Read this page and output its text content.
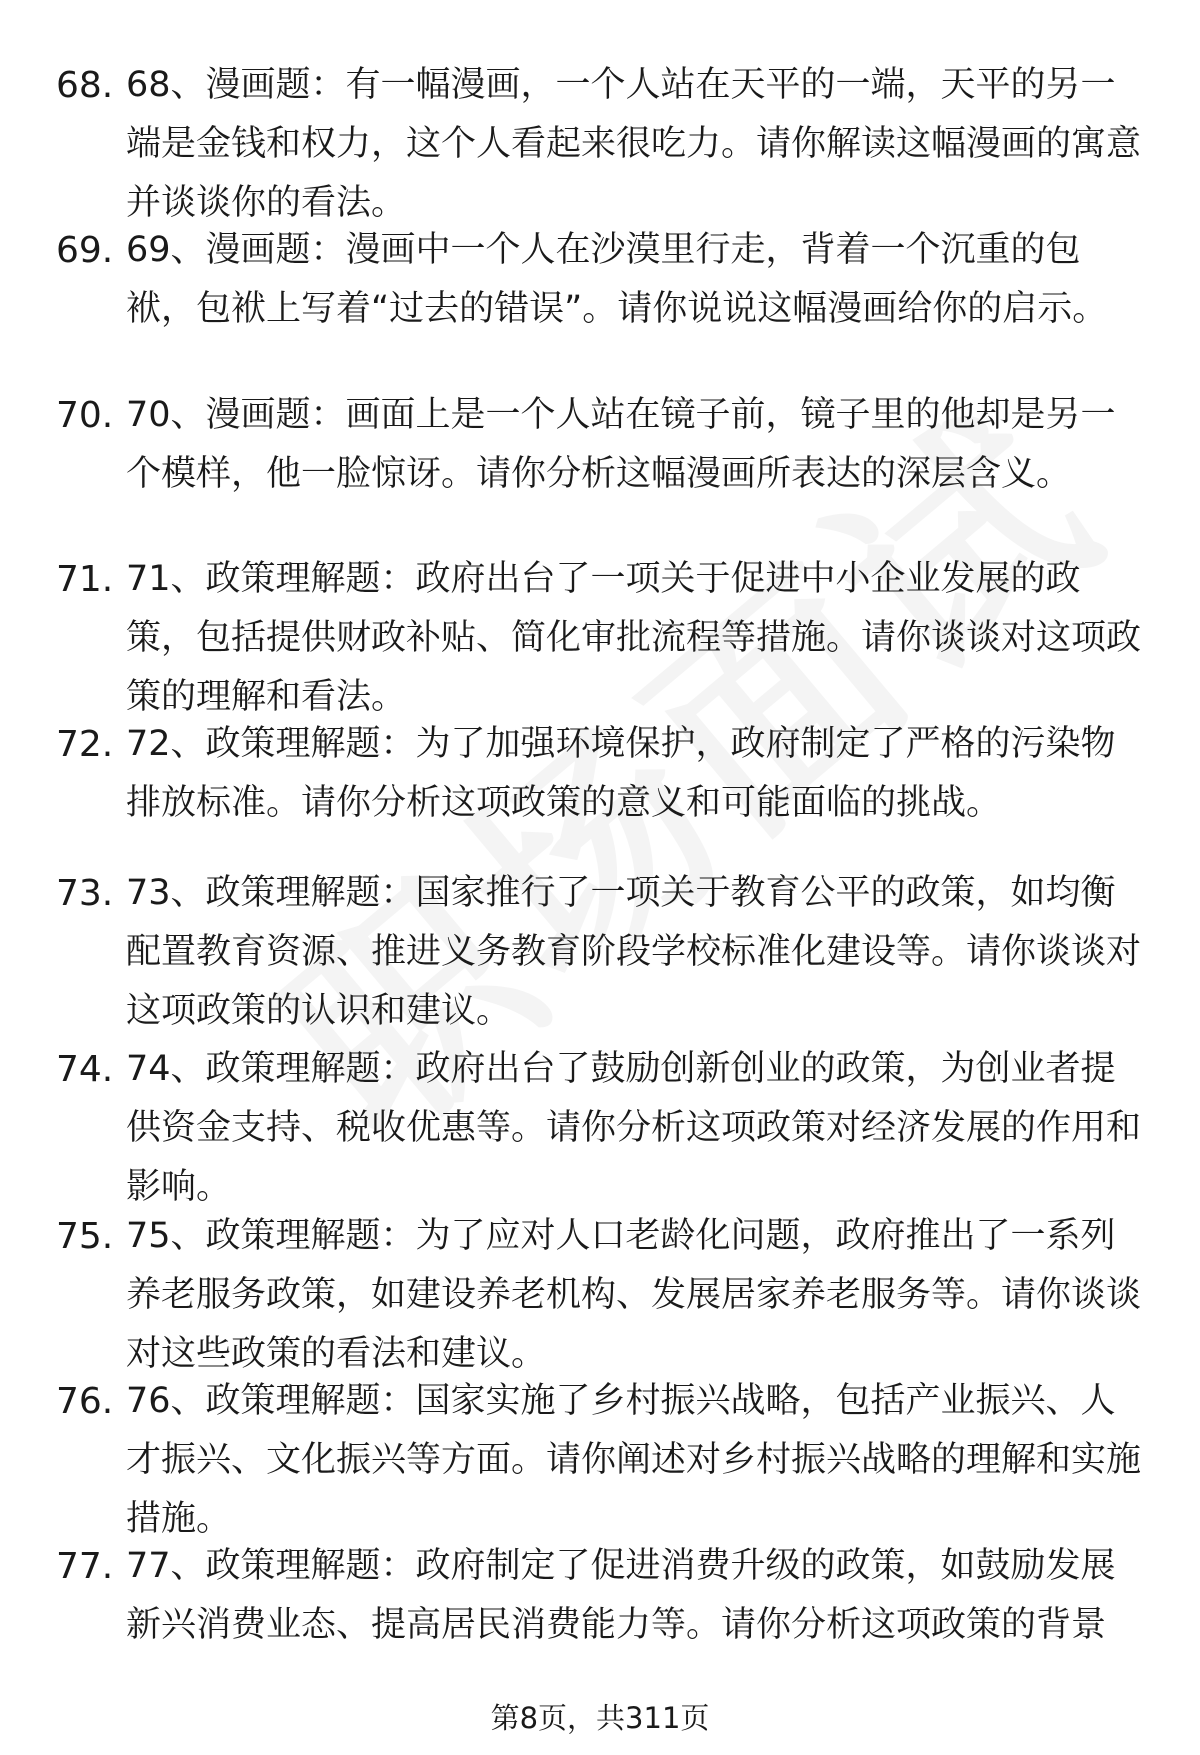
68. 68、漫画题：有一幅漫画，一个人站在天平的一端，天平的另一端是金钱和权力，这个人看起来很吃力。请你解读这幅漫画的寓意并谈谈你的看法。
69. 69、漫画题：漫画中一个人在沙漠里行走，背着一个沉重的包袱，包袱上写着“过去的错误”。请你说说这幅漫画给你的启示。
70. 70、漫画题：画面上是一个人站在镜子前，镜子里的他却是另一个模样，他一脸惊讶。请你分析这幅漫画所表达的深层含义。
71. 71、政策理解题：政府出台了一项关于促进中小企业发展的政策，包括提供财政补贴、简化审批流程等措施。请你谈谈对这项政策的理解和看法。
72. 72、政策理解题：为了加强环境保护，政府制定了严格的污染物排放标准。请你分析这项政策的意义和可能面临的挑战。
73. 73、政策理解题：国家推行了一项关于教育公平的政策，如均衡配置教育资源、推进义务教育阶段学校标准化建设等。请你谈谈对这项政策的认识和建议。
74. 74、政策理解题：政府出台了鼓励创新创业的政策，为创业者提供资金支持、税收优惠等。请你分析这项政策对经济发展的作用和影响。
75. 75、政策理解题：为了应对人口老龄化问题，政府推出了一系列养老服务政策，如建设养老机构、发展居家养老服务等。请你谈谈对这些政策的看法和建议。
76. 76、政策理解题：国家实施了乡村振兴战略，包括产业振兴、人才振兴、文化振兴等方面。请你阐述对乡村振兴战略的理解和实施措施。
77. 77、政策理解题：政府制定了促进消费升级的政策，如鼓励发展新兴消费业态、提高居民消费能力等。请你分析这项政策的背景
第8页，共311页
